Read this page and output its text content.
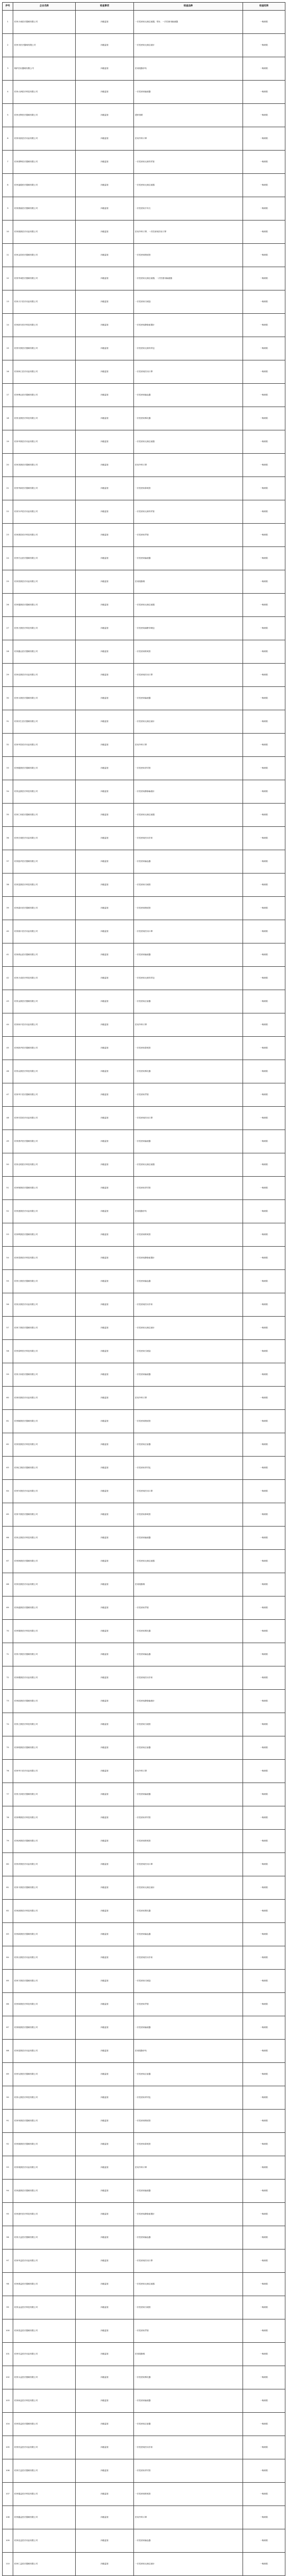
序号	企业名称	检查事项	检查品种	检查结果
1	杭州天诚医疗器械有限公司	四级监管	一次性使用无菌注射器、带针、一次性使用输液器	一般缺陷
2	杭州市医疗器械有限公司	四级监管	一次性使用无菌注射针	一般缺陷
3	桐庐医用器械有限公司	四级监管	医用脱脂纱布	一般缺陷
4	杭州大洲医疗科技有限公司	四级监管	一次性使用输液器	一般缺陷
5	杭州光辉医疗器械有限公司	四级监管	透析管路	一般缺陷
6	杭州帝凯医疗用品有限公司	四级监管	医用外科口罩	一般缺陷
7	杭州康辉医疗器械有限公司	四级监管	一次性使用无菌导尿管	一般缺陷
8	杭州福德医疗器械有限公司	四级监管	一次性使用无菌注射器	一般缺陷
9	杭州康嘉医疗器械有限公司	四级监管	一次性使用手术衣	一般缺陷
10	杭州瑞康医疗用品有限公司	四级监管	医用外科口罩、一次性使用医用口罩	一般缺陷
11	杭州金泰医疗器械有限公司	四级监管	一次性使用吸痰管	一般缺陷
12	杭州华诚医疗器械有限公司	四级监管	一次性使用无菌注射器、一次性使用输液器	一般缺陷
13	杭州天宇医疗用品有限公司	四级监管	一次性使用引流袋	一般缺陷
14	杭州新安医疗科技有限公司	四级监管	一次性使用静脉留置针	一般缺陷
15	杭州安康医疗器械有限公司	四级监管	一次性使用无菌导尿包	一般缺陷
16	杭州海王医疗用品有限公司	四级监管	一次性使用医用口罩	一般缺陷
17	杭州博达医疗器械有限公司	四级监管	一次性使用输血器	一般缺陷
18	杭州圣康医疗科技有限公司	四级监管	一次性使用雾化器	一般缺陷
19	杭州华康医疗用品有限公司	四级监管	一次性使用无菌注射器	一般缺陷
20	杭州美康医疗器械有限公司	四级监管	医用外科口罩	一般缺陷
21	杭州华新医疗器械有限公司	四级监管	一次性使用鼻氧管	一般缺陷
22	杭州东华医疗用品有限公司	四级监管	一次性使用无菌导尿管	一般缺陷
23	杭州康泰医疗科技有限公司	四级监管	一次性使用胃管	一般缺陷
24	杭州宏达医疗器械有限公司	四级监管	一次性使用输液器	一般缺陷
25	杭州普康医疗用品有限公司	四级监管	医用脱脂棉	一般缺陷
26	杭州德康医疗器械有限公司	四级监管	一次性使用无菌注射器	一般缺陷
27	杭州天康医疗科技有限公司	四级监管	一次性使用麻醉穿刺包	一般缺陷
28	杭州鑫达医疗器械有限公司	四级监管	一次性使用吸氧管	一般缺陷
29	杭州佳康医疗用品有限公司	四级监管	一次性使用医用口罩	一般缺陷
30	杭州永康医疗器械有限公司	四级监管	一次性使用输液器	一般缺陷
31	杭州民生医疗器械有限公司	四级监管	一次性使用无菌注射针	一般缺陷
32	杭州华泰医疗用品有限公司	四级监管	医用外科口罩	一般缺陷
33	杭州健康医疗器械有限公司	四级监管	一次性使用导尿管	一般缺陷
34	杭州益康医疗科技有限公司	四级监管	一次性使用静脉输液针	一般缺陷
35	杭州仁和医疗器械有限公司	四级监管	一次性使用无菌注射器	一般缺陷
36	杭州长城医疗用品有限公司	四级监管	一次性使用医用手套	一般缺陷
37	杭州振华医疗器械有限公司	四级监管	一次性使用输血器	一般缺陷
38	杭州富康医疗科技有限公司	四级监管	一次性使用引流管	一般缺陷
39	杭州嘉禾医疗器械有限公司	四级监管	一次性使用吸痰管	一般缺陷
40	杭州瑞丰医疗用品有限公司	四级监管	一次性使用医用口罩	一般缺陷
41	杭州鸿运医疗器械有限公司	四级监管	一次性使用输液器	一般缺陷
42	杭州天成医疗科技有限公司	四级监管	一次性使用无菌导尿包	一般缺陷
43	杭州金康医疗器械有限公司	四级监管	一次性使用注射器	一般缺陷
44	杭州和平医疗用品有限公司	四级监管	医用外科口罩	一般缺陷
45	杭州新华医疗器械有限公司	四级监管	一次性使用鼻氧管	一般缺陷
46	杭州众康医疗科技有限公司	四级监管	一次性使用雾化器	一般缺陷
47	杭州华宇医疗器械有限公司	四级监管	一次性使用胃管	一般缺陷
48	杭州安泰医疗用品有限公司	四级监管	一次性使用医用口罩	一般缺陷
49	杭州康华医疗器械有限公司	四级监管	一次性使用输液器	一般缺陷
50	杭州光明医疗科技有限公司	四级监管	一次性使用无菌注射器	一般缺陷
51	杭州保康医疗器械有限公司	四级监管	一次性使用导尿管	一般缺陷
52	杭州惠康医疗用品有限公司	四级监管	医用脱脂纱布	一般缺陷
53	杭州利康医疗器械有限公司	四级监管	一次性使用吸氧管	一般缺陷
54	杭州泰康医疗科技有限公司	四级监管	一次性使用静脉留置针	一般缺陷
55	杭州万康医疗器械有限公司	四级监管	一次性使用输血器	一般缺陷
56	杭州乐康医疗用品有限公司	四级监管	一次性使用医用手套	一般缺陷
57	杭州宁康医疗器械有限公司	四级监管	一次性使用无菌注射针	一般缺陷
58	杭州春晖医疗科技有限公司	四级监管	一次性使用引流袋	一般缺陷
59	杭州天和医疗器械有限公司	四级监管	一次性使用输液器	一般缺陷
60	杭州同康医疗用品有限公司	四级监管	医用外科口罩	一般缺陷
61	杭州顺康医疗器械有限公司	四级监管	一次性使用吸痰管	一般缺陷
62	杭州恒康医疗科技有限公司	四级监管	一次性使用注射器	一般缺陷
63	杭州汇康医疗器械有限公司	四级监管	一次性使用导尿包	一般缺陷
64	杭州东康医疗用品有限公司	四级监管	一次性使用医用口罩	一般缺陷
65	杭州中康医疗器械有限公司	四级监管	一次性使用鼻氧管	一般缺陷
66	杭州正康医疗科技有限公司	四级监管	一次性使用输液器	一般缺陷
67	杭州海康医疗器械有限公司	四级监管	一次性使用无菌注射器	一般缺陷
68	杭州信康医疗用品有限公司	四级监管	医用脱脂棉	一般缺陷
69	杭州盛康医疗器械有限公司	四级监管	一次性使用胃管	一般缺陷
70	杭州锦康医疗科技有限公司	四级监管	一次性使用雾化器	一般缺陷
71	杭州兴康医疗器械有限公司	四级监管	一次性使用输血器	一般缺陷
72	杭州俊康医疗用品有限公司	四级监管	一次性使用医用手套	一般缺陷
73	杭州凯康医疗器械有限公司	四级监管	一次性使用静脉输液针	一般缺陷
74	杭州立康医疗科技有限公司	四级监管	一次性使用引流管	一般缺陷
75	杭州明康医疗器械有限公司	四级监管	一次性使用注射器	一般缺陷
76	杭州华丰医疗用品有限公司	四级监管	医用外科口罩	一般缺陷
77	杭州天润医疗器械有限公司	四级监管	一次性使用输液器	一般缺陷
78	杭州博康医疗科技有限公司	四级监管	一次性使用导尿管	一般缺陷
79	杭州润康医疗器械有限公司	四级监管	一次性使用吸氧管	一般缺陷
80	杭州祥康医疗用品有限公司	四级监管	一次性使用医用口罩	一般缺陷
81	杭州丰康医疗器械有限公司	四级监管	一次性使用无菌注射针	一般缺陷
82	杭州绿康医疗科技有限公司	四级监管	一次性使用雾化器	一般缺陷
83	杭州新康医疗器械有限公司	四级监管	一次性使用输血器	一般缺陷
84	杭州百康医疗用品有限公司	四级监管	一次性使用医用手套	一般缺陷
85	杭州宇康医疗器械有限公司	四级监管	一次性使用引流袋	一般缺陷
86	杭州和康医疗科技有限公司	四级监管	一次性使用胃管	一般缺陷
87	杭州朗康医疗器械有限公司	四级监管	一次性使用输液器	一般缺陷
88	杭州星康医疗用品有限公司	四级监管	医用脱脂纱布	一般缺陷
89	杭州友康医疗器械有限公司	四级监管	一次性使用注射器	一般缺陷
90	杭州元康医疗科技有限公司	四级监管	一次性使用导尿包	一般缺陷
91	杭州荣康医疗器械有限公司	四级监管	一次性使用吸痰管	一般缺陷
92	杭州瑞康医疗器械有限公司	四级监管	一次性使用鼻氧管	一般缺陷
93	杭州奥康医疗用品有限公司	四级监管	医用外科口罩	一般缺陷
94	杭州嘉康医疗器械有限公司	四级监管	一次性使用输液器	一般缺陷
95	杭州惠民医疗科技有限公司	四级监管	一次性使用静脉留置针	一般缺陷
96	杭州天益医疗器械有限公司	四级监管	一次性使用输血器	一般缺陷
97	杭州华益医疗用品有限公司	四级监管	一次性使用医用口罩	一般缺陷
98	杭州康益医疗器械有限公司	四级监管	一次性使用无菌注射器	一般缺陷
99	杭州金益医疗科技有限公司	四级监管	一次性使用引流管	一般缺陷
100	杭州泰益医疗器械有限公司	四级监管	一次性使用胃管	一般缺陷
101	杭州安益医疗用品有限公司	四级监管	医用脱脂棉	一般缺陷
102	杭州永益医疗器械有限公司	四级监管	一次性使用雾化器	一般缺陷
103	杭州和益医疗科技有限公司	四级监管	一次性使用输液器	一般缺陷
104	杭州普益医疗器械有限公司	四级监管	一次性使用注射器	一般缺陷
105	杭州民益医疗用品有限公司	四级监管	一次性使用医用手套	一般缺陷
106	杭州宏益医疗器械有限公司	四级监管	一次性使用导尿管	一般缺陷
107	杭州德益医疗科技有限公司	四级监管	一次性使用吸氧管	一般缺陷
108	杭州鑫益医疗器械有限公司	四级监管	医用外科口罩	一般缺陷
109	杭州佳益医疗用品有限公司	四级监管	一次性使用输血器	一般缺陷
110	杭州仁益医疗器械有限公司	四级监管	一次性使用无菌注射针	一般缺陷
